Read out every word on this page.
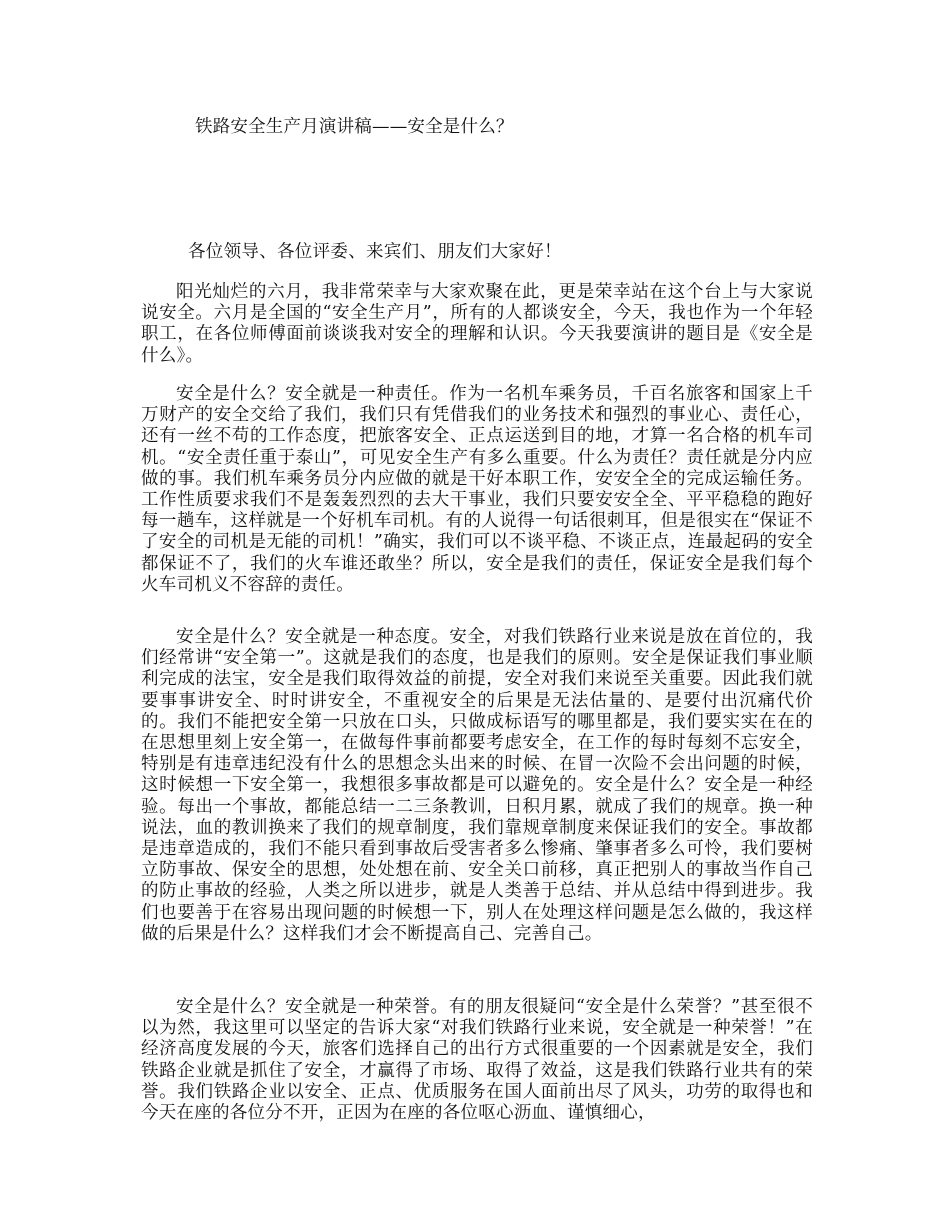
铁路安全生产月演讲稿——安全是什么？
各位领导、各位评委、来宾们、朋友们大家好！

阳光灿烂的六月，我非常荣幸与大家欢聚在此，更是荣幸站在这个台上与大家说说安全。六月是全国的“安全生产月”，所有的人都谈安全，今天，我也作为一个年轻职工，在各位师傅面前谈谈我对安全的理解和认识。今天我要演讲的题目是《安全是什么》。

安全是什么？安全就是一种责任。作为一名机车乘务员，千百名旅客和国家上千万财产的安全交给了我们，我们只有凭借我们的业务技术和强烈的事业心、责任心，还有一丝不苟的工作态度，把旅客安全、正点运送到目的地，才算一名合格的机车司机。“安全责任重于泰山”，可见安全生产有多么重要。什么为责任？责任就是分内应做的事。我们机车乘务员分内应做的就是干好本职工作，安安全全的完成运输任务。工作性质要求我们不是轰轰烈烈的去大干事业，我们只要安安全全、平平稳稳的跑好每一趟车，这样就是一个好机车司机。有的人说得一句话很刺耳，但是很实在“保证不了安全的司机是无能的司机！”确实，我们可以不谈平稳、不谈正点，连最起码的安全都保证不了，我们的火车谁还敢坐？所以，安全是我们的责任，保证安全是我们每个火车司机义不容辞的责任。

安全是什么？安全就是一种态度。安全，对我们铁路行业来说是放在首位的，我们经常讲“安全第一”。这就是我们的态度，也是我们的原则。安全是保证我们事业顺利完成的法宝，安全是我们取得效益的前提，安全对我们来说至关重要。因此我们就要事事讲安全、时时讲安全，不重视安全的后果是无法估量的、是要付出沉痛代价的。我们不能把安全第一只放在口头，只做成标语写的哪里都是，我们要实实在在的在思想里刻上安全第一，在做每件事前都要考虑安全，在工作的每时每刻不忘安全，特别是有违章违纪没有什么的思想念头出来的时候、在冒一次险不会出问题的时候，这时候想一下安全第一，我想很多事故都是可以避免的。安全是什么？安全是一种经验。每出一个事故，都能总结一二三条教训，日积月累，就成了我们的规章。换一种说法，血的教训换来了我们的规章制度，我们靠规章制度来保证我们的安全。事故都是违章造成的，我们不能只看到事故后受害者多么惨痛、肇事者多么可怜，我们要树立防事故、保安全的思想，处处想在前、安全关口前移，真正把别人的事故当作自己的防止事故的经验，人类之所以进步，就是人类善于总结、并从总结中得到进步。我们也要善于在容易出现问题的时候想一下，别人在处理这样问题是怎么做的，我这样做的后果是什么？这样我们才会不断提高自己、完善自己。

安全是什么？安全就是一种荣誉。有的朋友很疑问“安全是什么荣誉？”甚至很不以为然，我这里可以坚定的告诉大家“对我们铁路行业来说，安全就是一种荣誉！”在经济高度发展的今天，旅客们选择自己的出行方式很重要的一个因素就是安全，我们铁路企业就是抓住了安全，才赢得了市场、取得了效益，这是我们铁路行业共有的荣誉。我们铁路企业以安全、正点、优质服务在国人面前出尽了风头，功劳的取得也和今天在座的各位分不开，正因为在座的各位呕心沥血、谨慎细心，
